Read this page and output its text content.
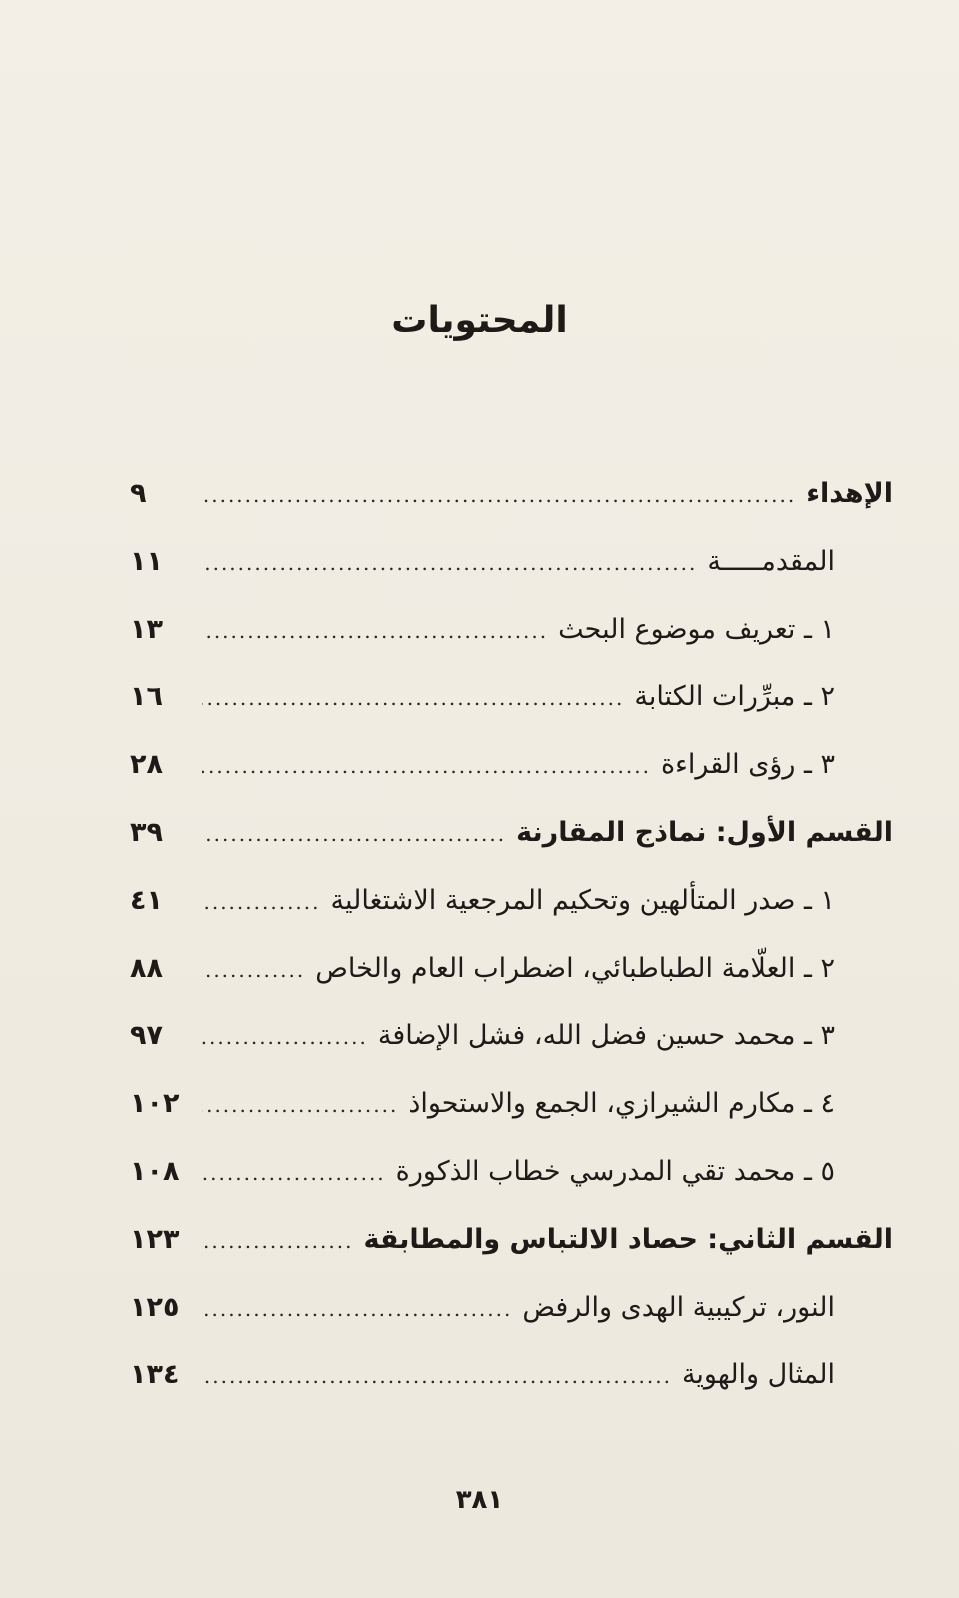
المحتويات
الإهداء
.....
٩
المقدمـــــة
.....
١١
١ ـ تعريف موضوع البحث
.....
١٣
٢ ـ مبرِّرات الكتابة
.....
١٦
٣ ـ رؤى القراءة
.....
٢٨
القسم الأول: نماذج المقارنة
.....
٣٩
١ ـ صدر المتألهين وتحكيم المرجعية الاشتغالية
.....
٤١
٢ ـ العلّامة الطباطبائي، اضطراب العام والخاص
.....
٨٨
٣ ـ محمد حسين فضل الله، فشل الإضافة
.....
٩٧
٤ ـ مكارم الشيرازي، الجمع والاستحواذ
.....
١٠٢
٥ ـ محمد تقي المدرسي خطاب الذكورة
.....
١٠٨
القسم الثاني: حصاد الالتباس والمطابقة
.....
١٢٣
النور، تركيبية الهدى والرفض
.....
١٢٥
المثال والهوية
.....
١٣٤
٣٨١
